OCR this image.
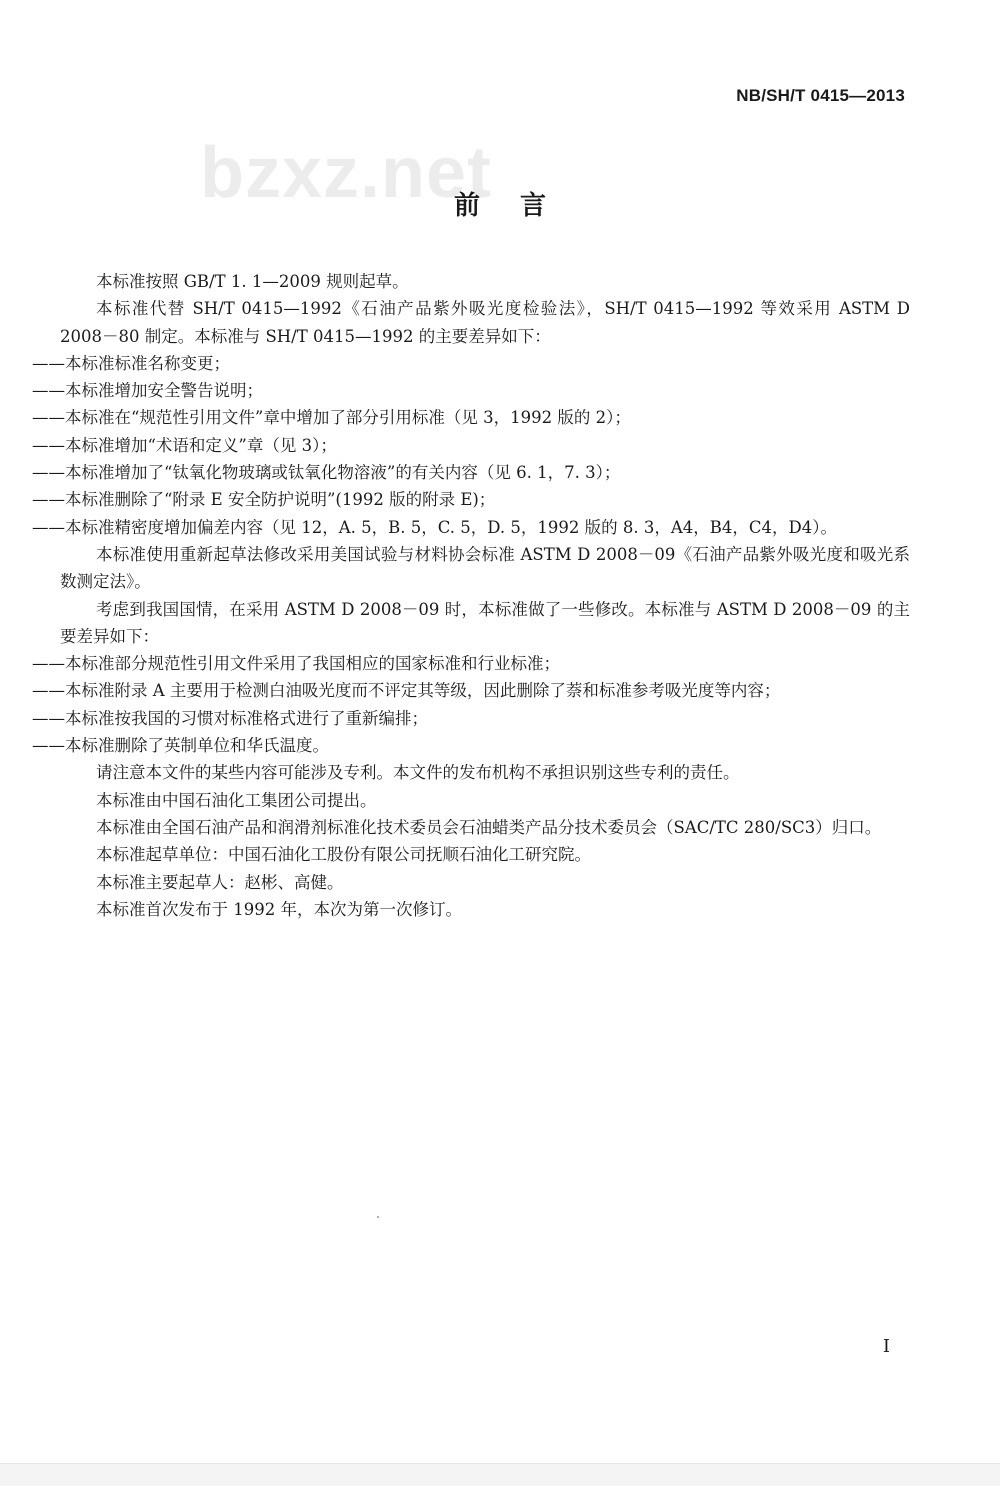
bzxz.net
NB/SH/T 0415—2013
前言

本标准按照 GB/T 1. 1—2009 规则起草。

本标准代替 SH/T 0415—1992《石油产品紫外吸光度检验法》，SH/T 0415—1992 等效采用 ASTM D 2008－80 制定。本标准与 SH/T 0415—1992 的主要差异如下：

——本标准标准名称变更；

——本标准增加安全警告说明；

——本标准在“规范性引用文件”章中增加了部分引用标准（见 3，1992 版的 2）；

——本标准增加“术语和定义”章（见 3）；

——本标准增加了“钛氧化物玻璃或钛氧化物溶液”的有关内容（见 6. 1，7. 3）；

——本标准删除了“附录 E 安全防护说明”(1992 版的附录 E)；

——本标准精密度增加偏差内容（见 12，A. 5，B. 5，C. 5，D. 5，1992 版的 8. 3，A4，B4，C4，D4）。

本标准使用重新起草法修改采用美国试验与材料协会标准 ASTM D 2008－09《石油产品紫外吸光度和吸光系数测定法》。

考虑到我国国情，在采用 ASTM D 2008－09 时，本标准做了一些修改。本标准与 ASTM D 2008－09 的主要差异如下：

——本标准部分规范性引用文件采用了我国相应的国家标准和行业标准；

——本标准附录 A 主要用于检测白油吸光度而不评定其等级，因此删除了萘和标准参考吸光度等内容；

——本标准按我国的习惯对标准格式进行了重新编排；

——本标准删除了英制单位和华氏温度。

请注意本文件的某些内容可能涉及专利。本文件的发布机构不承担识别这些专利的责任。

本标准由中国石油化工集团公司提出。

本标准由全国石油产品和润滑剂标准化技术委员会石油蜡类产品分技术委员会（SAC/TC 280/SC3）归口。

本标准起草单位：中国石油化工股份有限公司抚顺石油化工研究院。

本标准主要起草人：赵彬、高健。

本标准首次发布于 1992 年，本次为第一次修订。

I
